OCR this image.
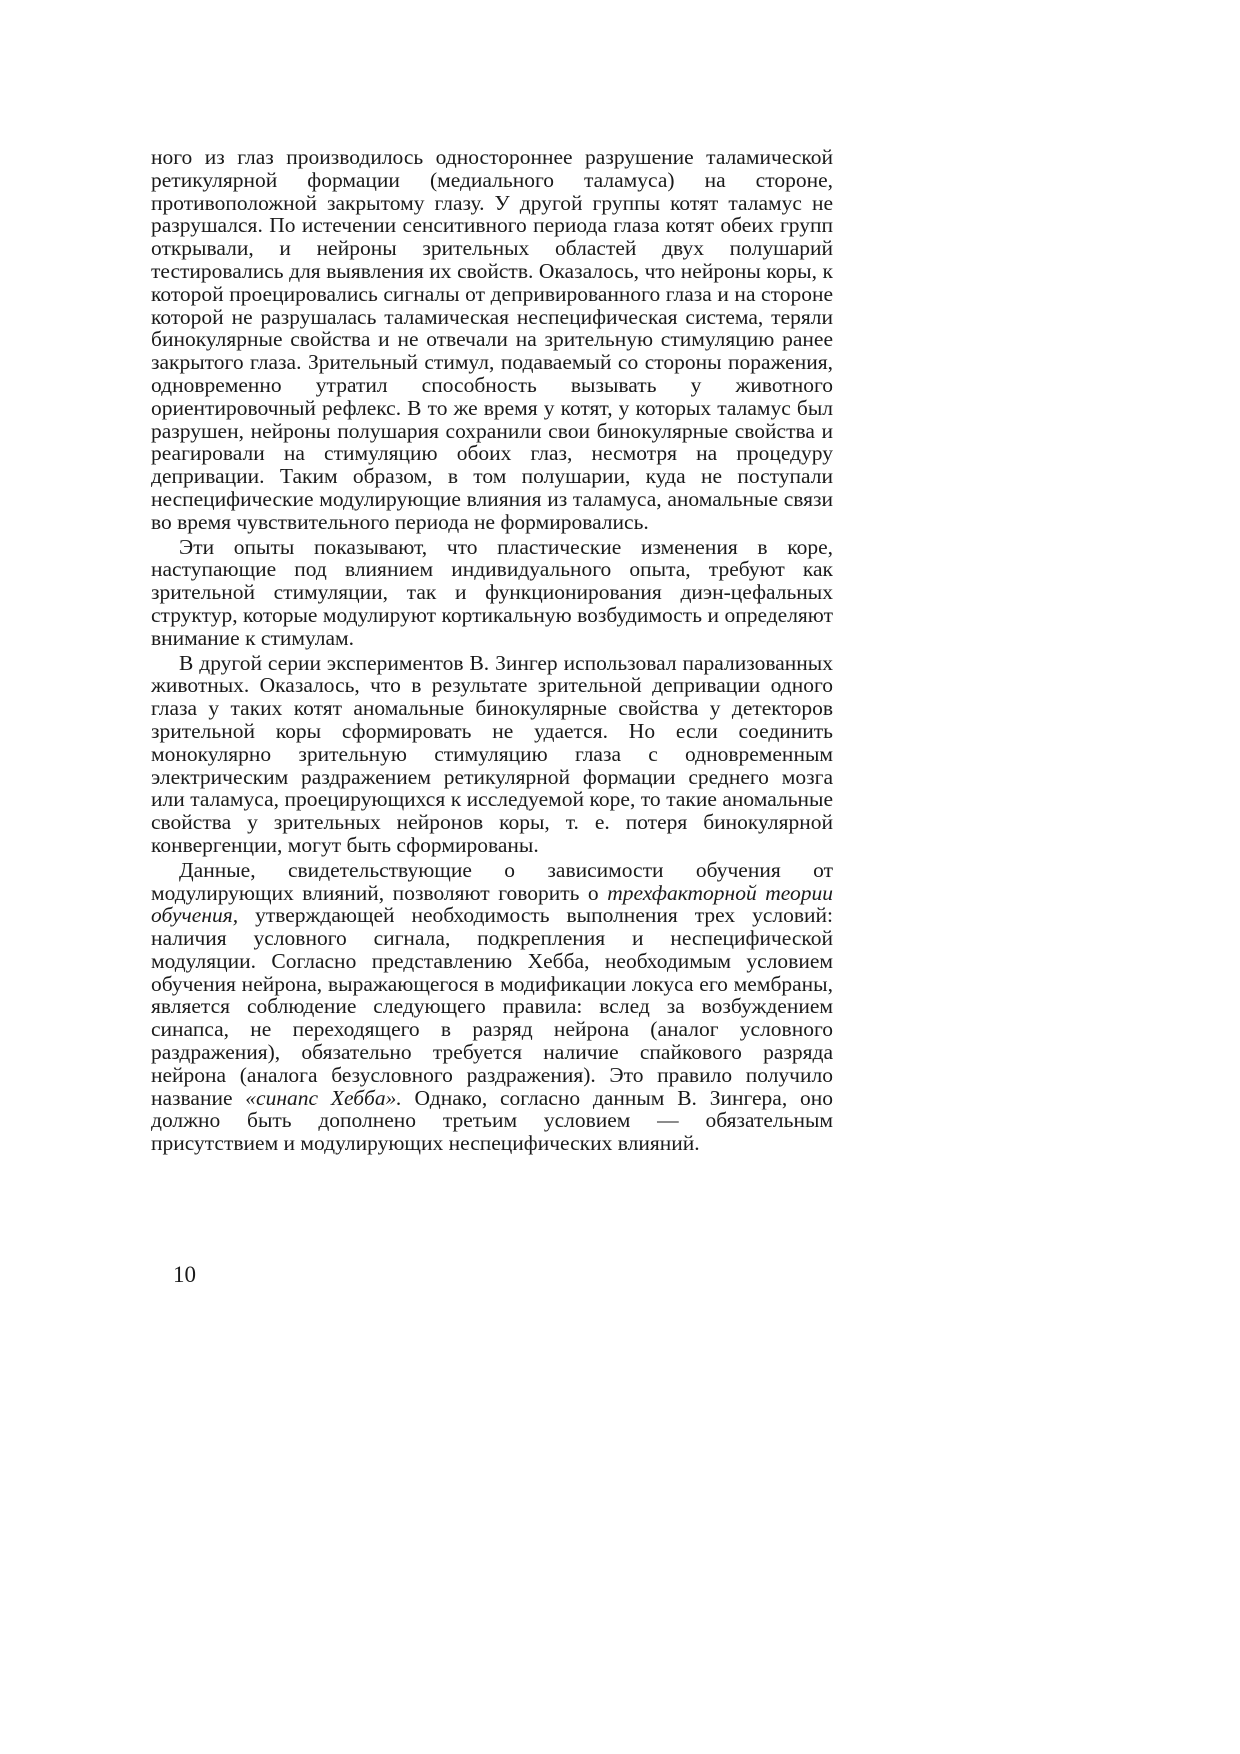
ного из глаз производилось одностороннее разрушение таламической ретикулярной формации (медиального таламуса) на стороне, противоположной закрытому глазу. У другой группы котят таламус не разрушался. По истечении сенситивного периода глаза котят обеих групп открывали, и нейроны зрительных областей двух полушарий тестировались для выявления их свойств. Оказалось, что нейроны коры, к которой проецировались сигналы от депривированного глаза и на стороне которой не разрушалась таламическая неспецифическая система, теряли бинокулярные свойства и не отвечали на зрительную стимуляцию ранее закрытого глаза. Зрительный стимул, подаваемый со стороны поражения, одновременно утратил способность вызывать у животного ориентировочный рефлекс. В то же время у котят, у которых таламус был разрушен, нейроны полушария сохранили свои бинокулярные свойства и реагировали на стимуляцию обоих глаз, несмотря на процедуру депривации. Таким образом, в том полушарии, куда не поступали неспецифические модулирующие влияния из таламуса, аномальные связи во время чувствительного периода не формировались.

Эти опыты показывают, что пластические изменения в коре, наступающие под влиянием индивидуального опыта, требуют как зрительной стимуляции, так и функционирования диэн-цефальных структур, которые модулируют кортикальную возбудимость и определяют внимание к стимулам.

В другой серии экспериментов В. Зингер использовал парализованных животных. Оказалось, что в результате зрительной депривации одного глаза у таких котят аномальные бинокулярные свойства у детекторов зрительной коры сформировать не удается. Но если соединить монокулярно зрительную стимуляцию глаза с одновременным электрическим раздражением ретикулярной формации среднего мозга или таламуса, проецирующихся к исследуемой коре, то такие аномальные свойства у зрительных нейронов коры, т. е. потеря бинокулярной конвергенции, могут быть сформированы.

Данные, свидетельствующие о зависимости обучения от модулирующих влияний, позволяют говорить о трехфакторной теории обучения, утверждающей необходимость выполнения трех условий: наличия условного сигнала, подкрепления и неспецифической модуляции. Согласно представлению Хебба, необходимым условием обучения нейрона, выражающегося в модификации локуса его мембраны, является соблюдение следующего правила: вслед за возбуждением синапса, не переходящего в разряд нейрона (аналог условного раздражения), обязательно требуется наличие спайкового разряда нейрона (аналога безусловного раздражения). Это правило получило название «синапс Хебба». Однако, согласно данным В. Зингера, оно должно быть дополнено третьим условием — обязательным присутствием и модулирующих неспецифических влияний.

10
